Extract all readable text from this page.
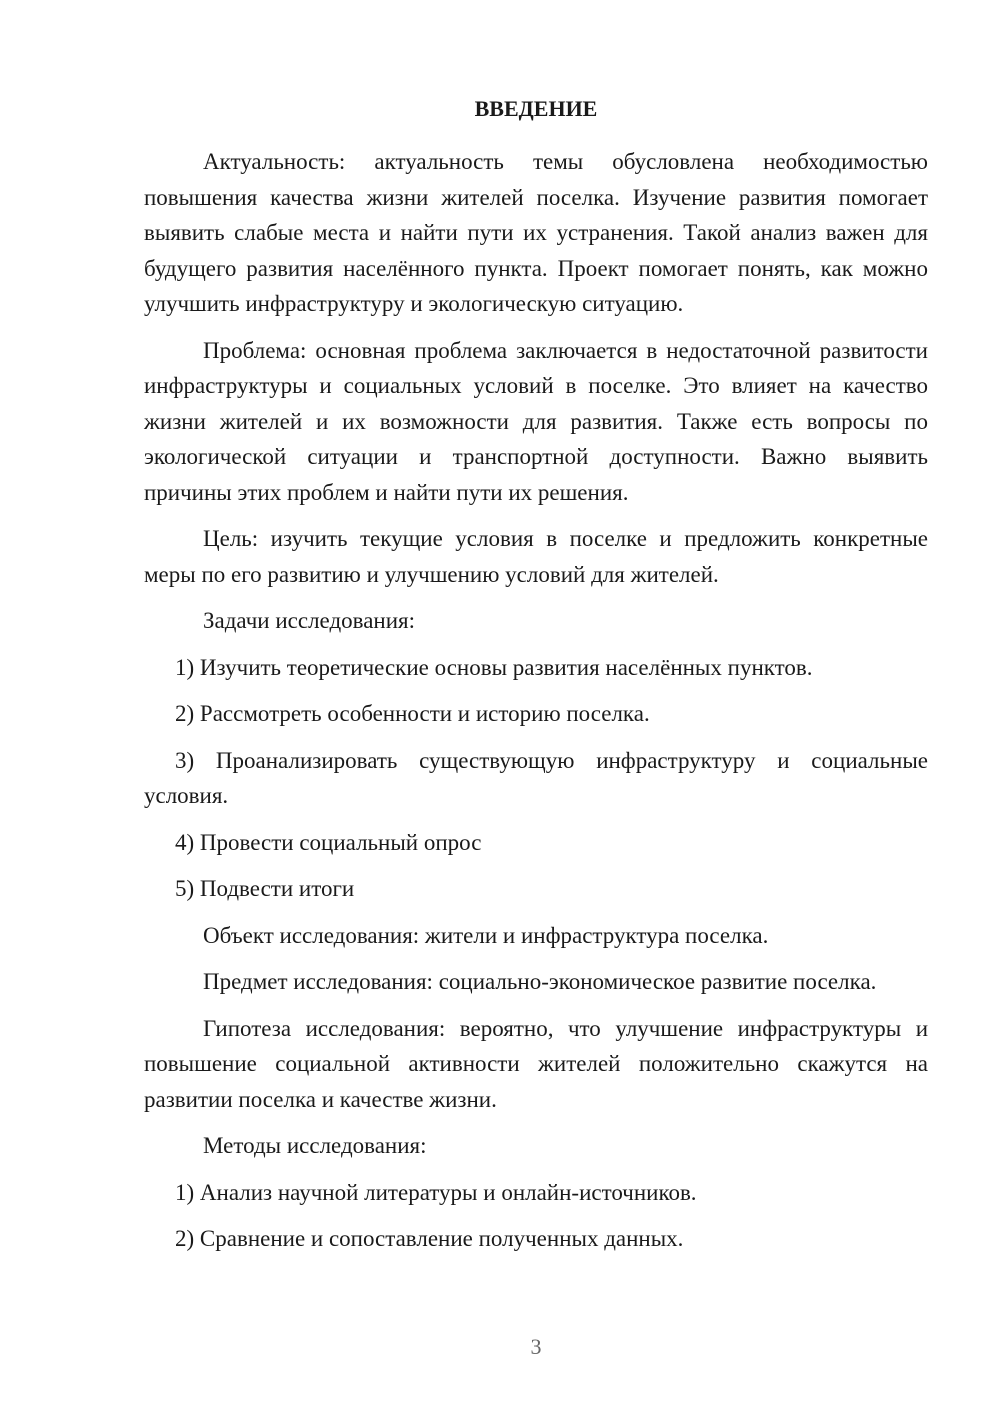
ВВЕДЕНИЕ

Актуальность: актуальность темы обусловлена необходимостью повышения качества жизни жителей поселка. Изучение развития помогает выявить слабые места и найти пути их устранения. Такой анализ важен для будущего развития населённого пункта. Проект помогает понять, как можно улучшить инфраструктуру и экологическую ситуацию.

Проблема: основная проблема заключается в недостаточной развитости инфраструктуры и социальных условий в поселке. Это влияет на качество жизни жителей и их возможности для развития. Также есть вопросы по экологической ситуации и транспортной доступности. Важно выявить причины этих проблем и найти пути их решения.

Цель: изучить текущие условия в поселке и предложить конкретные меры по его развитию и улучшению условий для жителей.

Задачи исследования:

1) Изучить теоретические основы развития населённых пунктов.

2) Рассмотреть особенности и историю поселка.

3) Проанализировать существующую инфраструктуру и социальные условия.

4) Провести социальный опрос

5) Подвести итоги

Объект исследования: жители и инфраструктура поселка.

Предмет исследования: социально-экономическое развитие поселка.

Гипотеза исследования: вероятно, что улучшение инфраструктуры и повышение социальной активности жителей положительно скажутся на развитии поселка и качестве жизни.

Методы исследования:

1) Анализ научной литературы и онлайн-источников.

2) Сравнение и сопоставление полученных данных.

3
